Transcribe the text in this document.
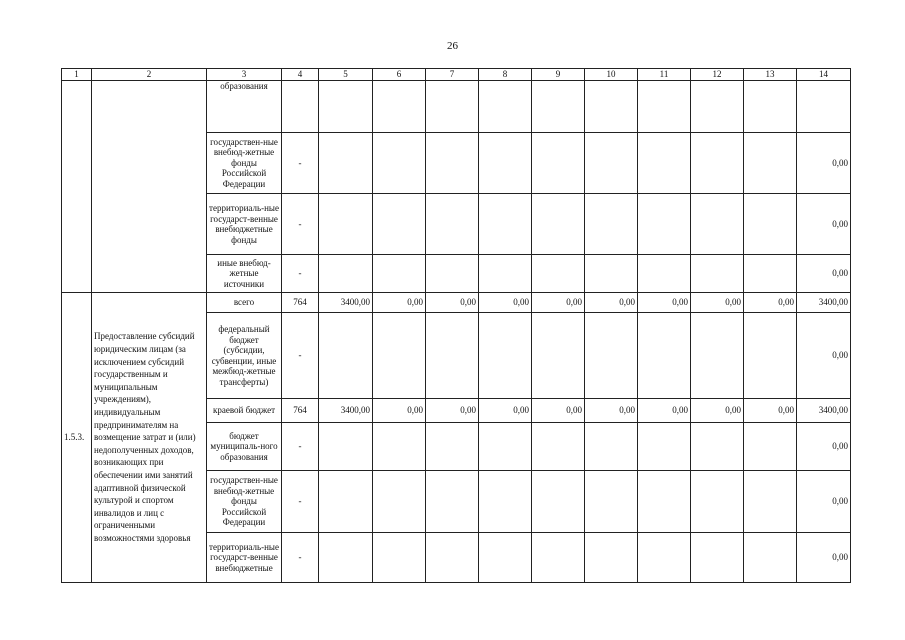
26
1	2	3	4	5	6	7	8	9	10	11	12	13	14
		образования											
		государствен-ные внебюд-жетные фонды Российской Федерации	-										0,00
		территориаль-ные государст-венные внебюджетные фонды	-										0,00
		иные внебюд-жетные источники	-										0,00
1.5.3.	Предоставление субсидий юридическим лицам (за исключением субсидий государственным и муниципальным учреждениям), индивидуальным предпринимателям на возмещение затрат и (или) недополученных доходов, возникающих при обеспечении ими занятий адаптивной физической культурой и спортом инвалидов и лиц с ограниченными возможностями здоровья	всего	764	3400,00	0,00	0,00	0,00	0,00	0,00	0,00	0,00	0,00	3400,00
		федеральный бюджет (субсидии, субвенции, иные межбюд-жетные трансферты)	-										0,00
		краевой бюджет	764	3400,00	0,00	0,00	0,00	0,00	0,00	0,00	0,00	0,00	3400,00
		бюджет муниципаль-ного образования	-										0,00
		государствен-ные внебюд-жетные фонды Российской Федерации	-										0,00
		территориаль-ные государст-венные внебюджетные	-										0,00
